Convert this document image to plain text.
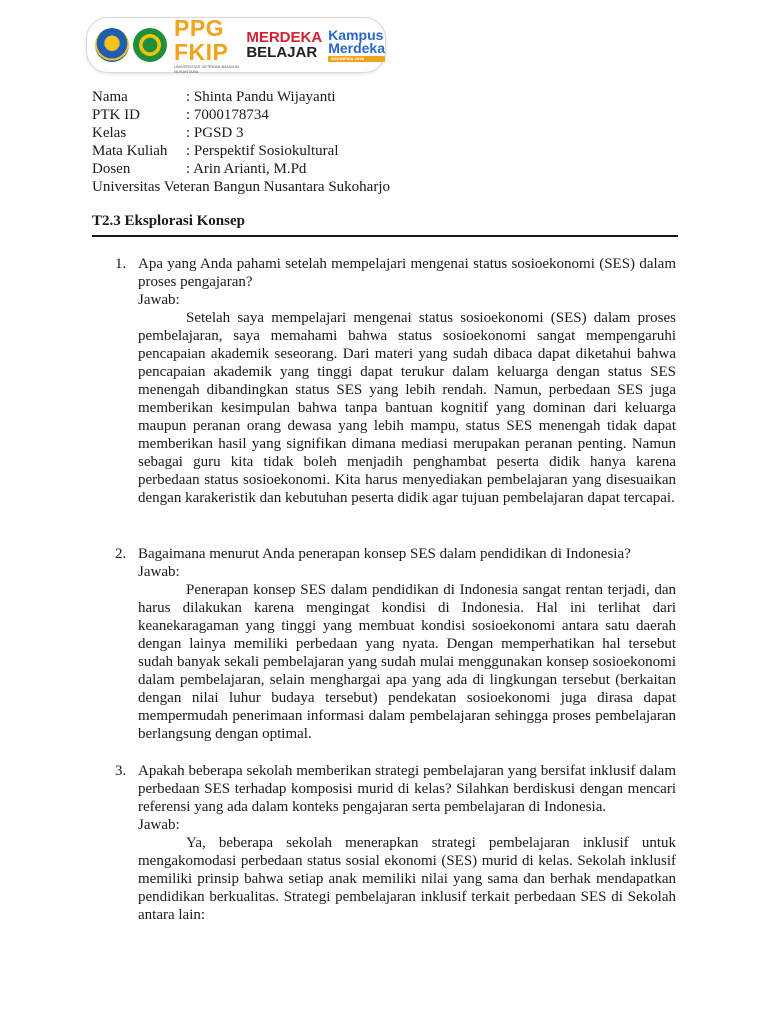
PPG FKIP
UNIVERSITAS VETERAN BANGUN NUSANTARA
MERDEKA
BELAJAR
Kampus
Merdeka
INDONESIA JAYA
Nama	: Shinta Pandu Wijayanti
PTK ID	: 7000178734
Kelas	: PGSD 3
Mata Kuliah	: Perspektif Sosiokultural
Dosen	: Arin Arianti, M.Pd
Universitas Veteran Bangun Nusantara Sukoharjo
T2.3 Eksplorasi Konsep
1. Apa yang Anda pahami setelah mempelajari mengenai status sosioekonomi (SES) dalam proses pengajaran?
Jawab:
Setelah saya mempelajari mengenai status sosioekonomi (SES) dalam proses pembelajaran, saya memahami bahwa status sosioekonomi sangat mempengaruhi pencapaian akademik seseorang. Dari materi yang sudah dibaca dapat diketahui bahwa pencapaian akademik yang tinggi dapat terukur dalam keluarga dengan status SES menengah dibandingkan status SES yang lebih rendah. Namun, perbedaan SES juga memberikan kesimpulan bahwa tanpa bantuan kognitif yang dominan dari keluarga maupun peranan orang dewasa yang lebih mampu, status SES menengah tidak dapat memberikan hasil yang signifikan dimana mediasi merupakan peranan penting. Namun sebagai guru kita tidak boleh menjadih penghambat peserta didik hanya karena perbedaan status sosioekonomi. Kita harus menyediakan pembelajaran yang disesuaikan dengan karakeristik dan kebutuhan peserta didik agar tujuan pembelajaran dapat tercapai.
2. Bagaimana menurut Anda penerapan konsep SES dalam pendidikan di Indonesia?
Jawab:
Penerapan konsep SES dalam pendidikan di Indonesia sangat rentan terjadi, dan harus dilakukan karena mengingat kondisi di Indonesia. Hal ini terlihat dari keanekaragaman yang tinggi yang membuat kondisi sosioekonomi antara satu daerah dengan lainya memiliki perbedaan yang nyata. Dengan memperhatikan hal tersebut sudah banyak sekali pembelajaran yang sudah mulai menggunakan konsep sosioekonomi dalam pembelajaran, selain menghargai apa yang ada di lingkungan tersebut (berkaitan dengan nilai luhur budaya tersebut) pendekatan sosioekonomi juga dirasa dapat mempermudah penerimaan informasi dalam pembelajaran sehingga proses pembelajaran berlangsung dengan optimal.
3. Apakah beberapa sekolah memberikan strategi pembelajaran yang bersifat inklusif dalam perbedaan SES terhadap komposisi murid di kelas? Silahkan berdiskusi dengan mencari referensi yang ada dalam konteks pengajaran serta pembelajaran di Indonesia.
Jawab:
Ya, beberapa sekolah menerapkan strategi pembelajaran inklusif untuk mengakomodasi perbedaan status sosial ekonomi (SES) murid di kelas. Sekolah inklusif memiliki prinsip bahwa setiap anak memiliki nilai yang sama dan berhak mendapatkan pendidikan berkualitas. Strategi pembelajaran inklusif terkait perbedaan SES di Sekolah antara lain:
